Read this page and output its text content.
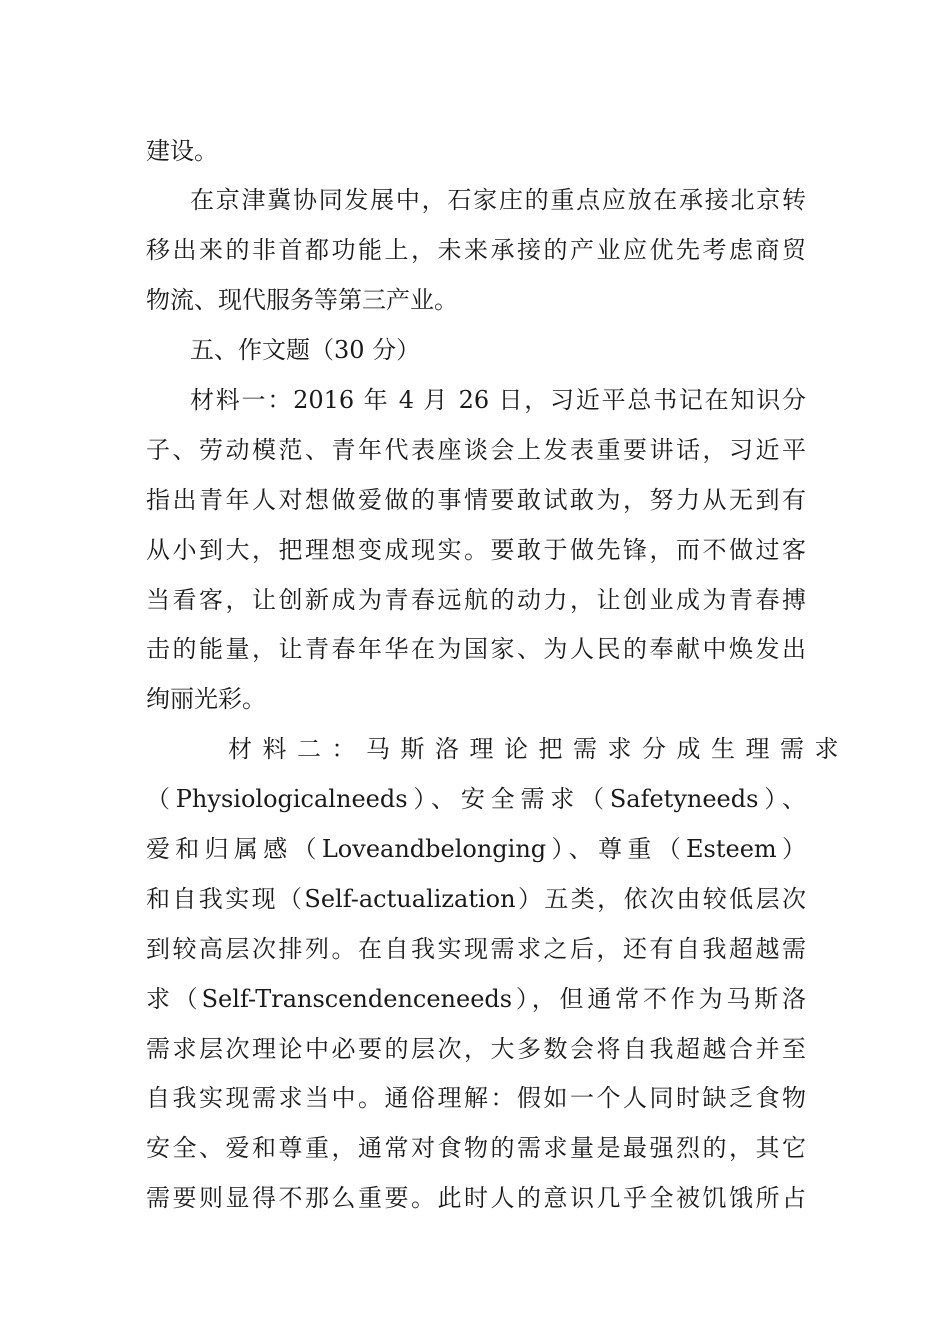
建设。
在京津冀协同发展中，石家庄的重点应放在承接北京转
移出来的非首都功能上，未来承接的产业应优先考虑商贸
物流、现代服务等第三产业。
五、作文题（30 分）
材料一：2016 年 4 月 26 日，习近平总书记在知识分
子、劳动模范、青年代表座谈会上发表重要讲话，习近平
指出青年人对想做爱做的事情要敢试敢为，努力从无到有
从小到大，把理想变成现实。要敢于做先锋，而不做过客
当看客，让创新成为青春远航的动力，让创业成为青春搏
击的能量，让青春年华在为国家、为人民的奉献中焕发出
绚丽光彩。
材料二：马斯洛理论把需求分成生理需求
（Physiologicalneeds）、安全需求（Safetyneeds）、
爱和归属感（Loveandbelonging）、尊重（Esteem）
和自我实现（Self-actualization）五类，依次由较低层次
到较高层次排列。在自我实现需求之后，还有自我超越需
求（Self-Transcendenceneeds），但通常不作为马斯洛
需求层次理论中必要的层次，大多数会将自我超越合并至
自我实现需求当中。通俗理解：假如一个人同时缺乏食物
安全、爱和尊重，通常对食物的需求量是最强烈的，其它
需要则显得不那么重要。此时人的意识几乎全被饥饿所占
